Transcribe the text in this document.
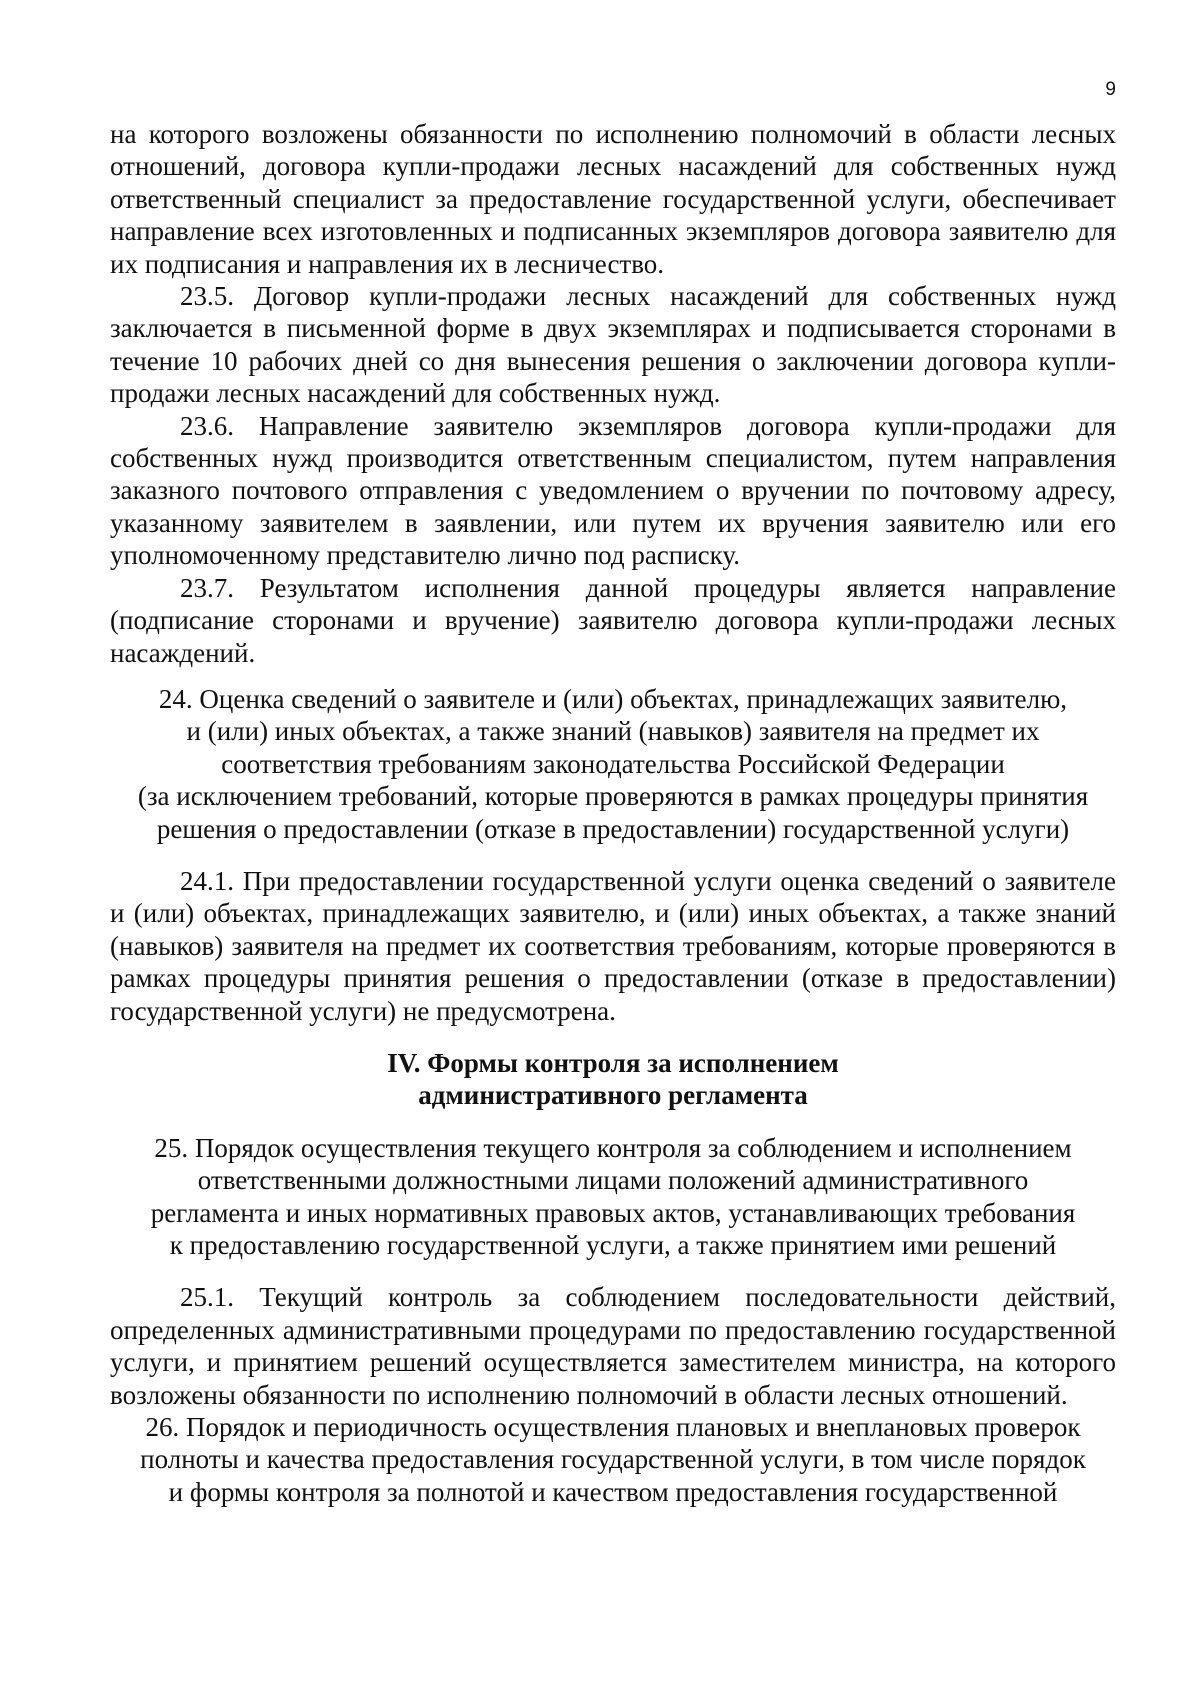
9

на которого возложены обязанности по исполнению полномочий в области лесных отношений, договора купли-продажи лесных насаждений для собственных нужд ответственный специалист за предоставление государственной услуги, обеспечивает направление всех изготовленных и подписанных экземпляров договора заявителю для их подписания и направления их в лесничество.

23.5. Договор купли-продажи лесных насаждений для собственных нужд заключается в письменной форме в двух экземплярах и подписывается сторонами в течение 10 рабочих дней со дня вынесения решения о заключении договора купли-продажи лесных насаждений для собственных нужд.

23.6. Направление заявителю экземпляров договора купли-продажи для собственных нужд производится ответственным специалистом, путем направления заказного почтового отправления с уведомлением о вручении по почтовому адресу, указанному заявителем в заявлении, или путем их вручения заявителю или его уполномоченному представителю лично под расписку.

23.7. Результатом исполнения данной процедуры является направление (подписание сторонами и вручение) заявителю договора купли-продажи лесных насаждений.

24. Оценка сведений о заявителе и (или) объектах, принадлежащих заявителю,
и (или) иных объектах, а также знаний (навыков) заявителя на предмет их
соответствия требованиям законодательства Российской Федерации
(за исключением требований, которые проверяются в рамках процедуры принятия
решения о предоставлении (отказе в предоставлении) государственной услуги)

24.1. При предоставлении государственной услуги оценка сведений о заявителе и (или) объектах, принадлежащих заявителю, и (или) иных объектах, а также знаний (навыков) заявителя на предмет их соответствия требованиям, которые проверяются в рамках процедуры принятия решения о предоставлении (отказе в предоставлении) государственной услуги) не предусмотрена.

IV. Формы контроля за исполнением
административного регламента
25. Порядок осуществления текущего контроля за соблюдением и исполнением
ответственными должностными лицами положений административного
регламента и иных нормативных правовых актов, устанавливающих требования
к предоставлению государственной услуги, а также принятием ими решений

25.1. Текущий контроль за соблюдением последовательности действий, определенных административными процедурами по предоставлению государственной услуги, и принятием решений осуществляется заместителем министра, на которого возложены обязанности по исполнению полномочий в области лесных отношений.

26. Порядок и периодичность осуществления плановых и внеплановых проверок
полноты и качества предоставления государственной услуги, в том числе порядок
и формы контроля за полнотой и качеством предоставления государственной
